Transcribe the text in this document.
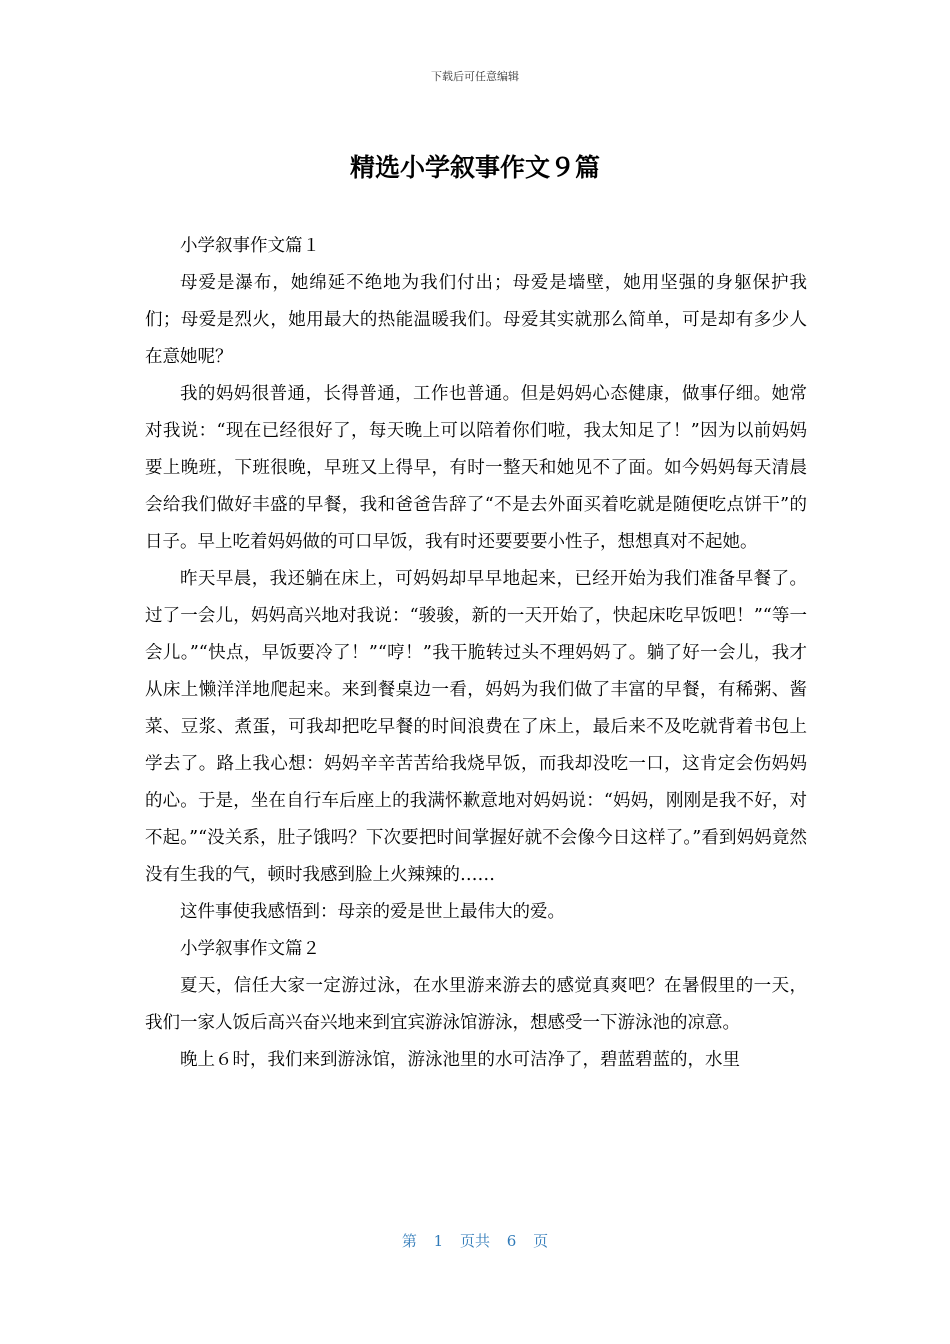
下载后可任意编辑
精选小学叙事作文９篇

小学叙事作文篇１

母爱是瀑布，她绵延不绝地为我们付出；母爱是墙壁，她用坚强的身躯保护我们；母爱是烈火，她用最大的热能温暖我们。母爱其实就那么简单，可是却有多少人在意她呢？

我的妈妈很普通，长得普通，工作也普通。但是妈妈心态健康，做事仔细。她常对我说：“现在已经很好了，每天晚上可以陪着你们啦，我太知足了！”因为以前妈妈要上晚班，下班很晚，早班又上得早，有时一整天和她见不了面。如今妈妈每天清晨会给我们做好丰盛的早餐，我和爸爸告辞了“不是去外面买着吃就是随便吃点饼干”的日子。早上吃着妈妈做的可口早饭，我有时还要要要小性子，想想真对不起她。

昨天早晨，我还躺在床上，可妈妈却早早地起来，已经开始为我们准备早餐了。过了一会儿，妈妈高兴地对我说：“骏骏，新的一天开始了，快起床吃早饭吧！”“等一会儿。”“快点，早饭要冷了！”“哼！”我干脆转过头不理妈妈了。躺了好一会儿，我才从床上懒洋洋地爬起来。来到餐桌边一看，妈妈为我们做了丰富的早餐，有稀粥、酱菜、豆浆、煮蛋，可我却把吃早餐的时间浪费在了床上，最后来不及吃就背着书包上学去了。路上我心想：妈妈辛辛苦苦给我烧早饭，而我却没吃一口，这肯定会伤妈妈的心。于是，坐在自行车后座上的我满怀歉意地对妈妈说：“妈妈，刚刚是我不好，对不起。”“没关系，肚子饿吗？下次要把时间掌握好就不会像今日这样了。”看到妈妈竟然没有生我的气，顿时我感到脸上火辣辣的……

这件事使我感悟到：母亲的爱是世上最伟大的爱。

小学叙事作文篇２

夏天，信任大家一定游过泳，在水里游来游去的感觉真爽吧？在暑假里的一天，我们一家人饭后高兴奋兴地来到宜宾游泳馆游泳，想感受一下游泳池的凉意。

晚上６时，我们来到游泳馆，游泳池里的水可洁净了，碧蓝碧蓝的，水里

第 1 页共 6 页
